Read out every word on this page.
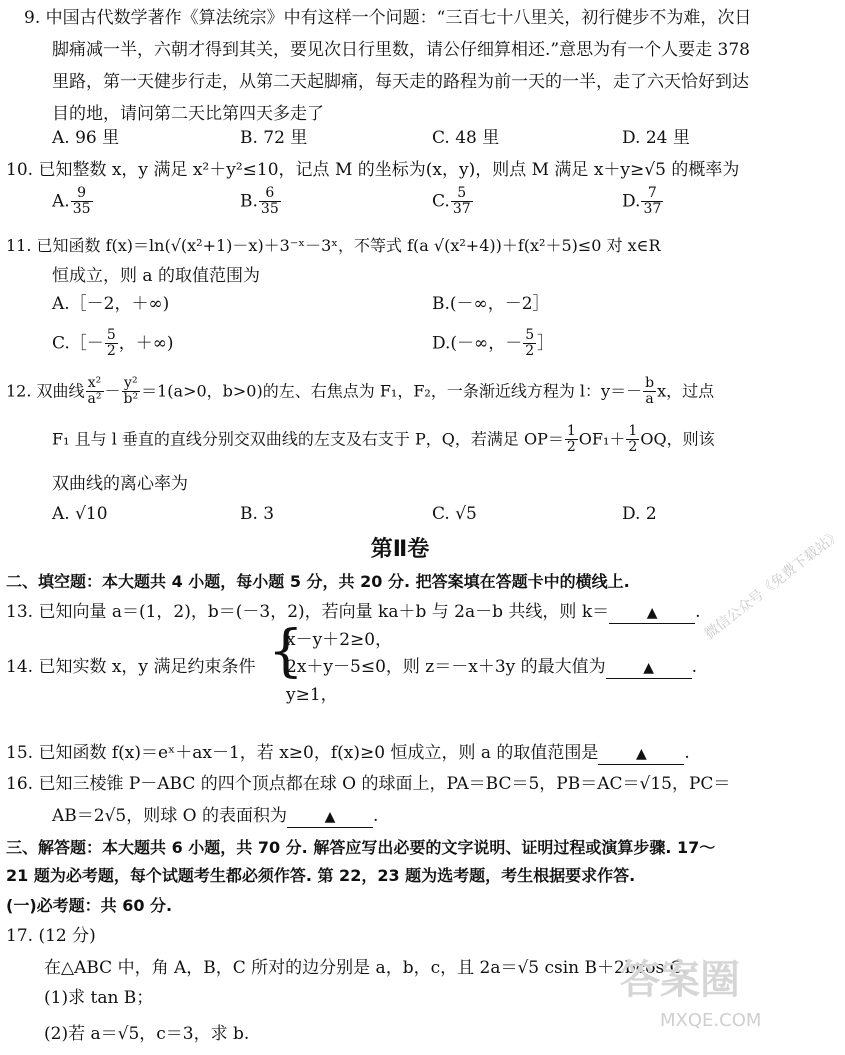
9. 中国古代数学著作《算法统宗》中有这样一个问题：“三百七十八里关，初行健步不为难，次日
脚痛减一半，六朝才得到其关，要见次日行里数，请公仔细算相还.”意思为有一个人要走 378
里路，第一天健步行走，从第二天起脚痛，每天走的路程为前一天的一半，走了六天恰好到达
目的地，请问第二天比第四天多走了
A. 96 里	B. 72 里	C. 48 里	D. 24 里
10. 已知整数 x，y 满足 x²＋y²≤10，记点 M 的坐标为(x，y)，则点 M 满足 x＋y≥√5 的概率为
A. $\frac{9}{35}$	B. $\frac{6}{35}$	C. $\frac{5}{37}$	D. $\frac{7}{37}$
11. 已知函数 f(x)＝ln(√(x²+1)－x)＋3⁻ˣ－3ˣ，不等式 f(a √(x²+4))＋f(x²＋5)≤0 对 x∈R
恒成立，则 a 的取值范围为
A.［－2，＋∞)	B.(－∞，－2］
C.［－ $\frac{5}{2}$ ，＋∞)	D.(－∞，－ $\frac{5}{2}$ ］
12. 双曲线 $\frac{\text{x²}}{\text{a²}} - \frac{\text{y²}}{\text{b²}} =1(a>0$，b>0)的左、右焦点为 F₁，F₂，一条渐近线方程为 l：$y=- \frac{b}{a}$ x，过点
F₁ 且与 l 垂直的直线分别交双曲线的左支及右支于 P，Q，若满足 $OP= \frac{1}{2} OF_1+ \frac{1}{2}$ OQ，则该
双曲线的离心率为
A. √10	B. 3	C. √5	D. 2
第Ⅱ卷
二、填空题：本大题共 4 小题，每小题 5 分，共 20 分. 把答案填在答题卡中的横线上.
13. 已知向量 a＝(1，2)，b＝(－3，2)，若向量 ka＋b 与 2a－b 共线，则 k＝	▲ .
14. 已知实数 x，y 满足约束条件 {
x－y＋2≥0，
2x＋y－5≤0，则 z＝－x＋3y 的最大值为	▲ .
y≥1，
15. 已知函数 f(x)＝eˣ＋ax－1，若 x≥0，f(x)≥0 恒成立，则 a 的取值范围是	▲ .
16. 已知三棱锥 P－ABC 的四个顶点都在球 O 的球面上，PA＝BC＝5，PB＝AC＝√15，PC＝
AB＝2√5，则球 O 的表面积为	▲ .
三、解答题：本大题共 6 小题，共 70 分. 解答应写出必要的文字说明、证明过程或演算步骤. 17～
21 题为必考题，每个试题考生都必须作答. 第 22，23 题为选考题，考生根据要求作答.
(一)必考题：共 60 分.
17. (12 分)
在△ABC 中，角 A，B，C 所对的边分别是 a，b，c，且 2a＝√5 csin B＋2bcos C.
(1)求 tan B；
(2)若 a＝√5，c＝3，求 b.
微信公众号《免费下载站》
答案圈
MXQE.COM
